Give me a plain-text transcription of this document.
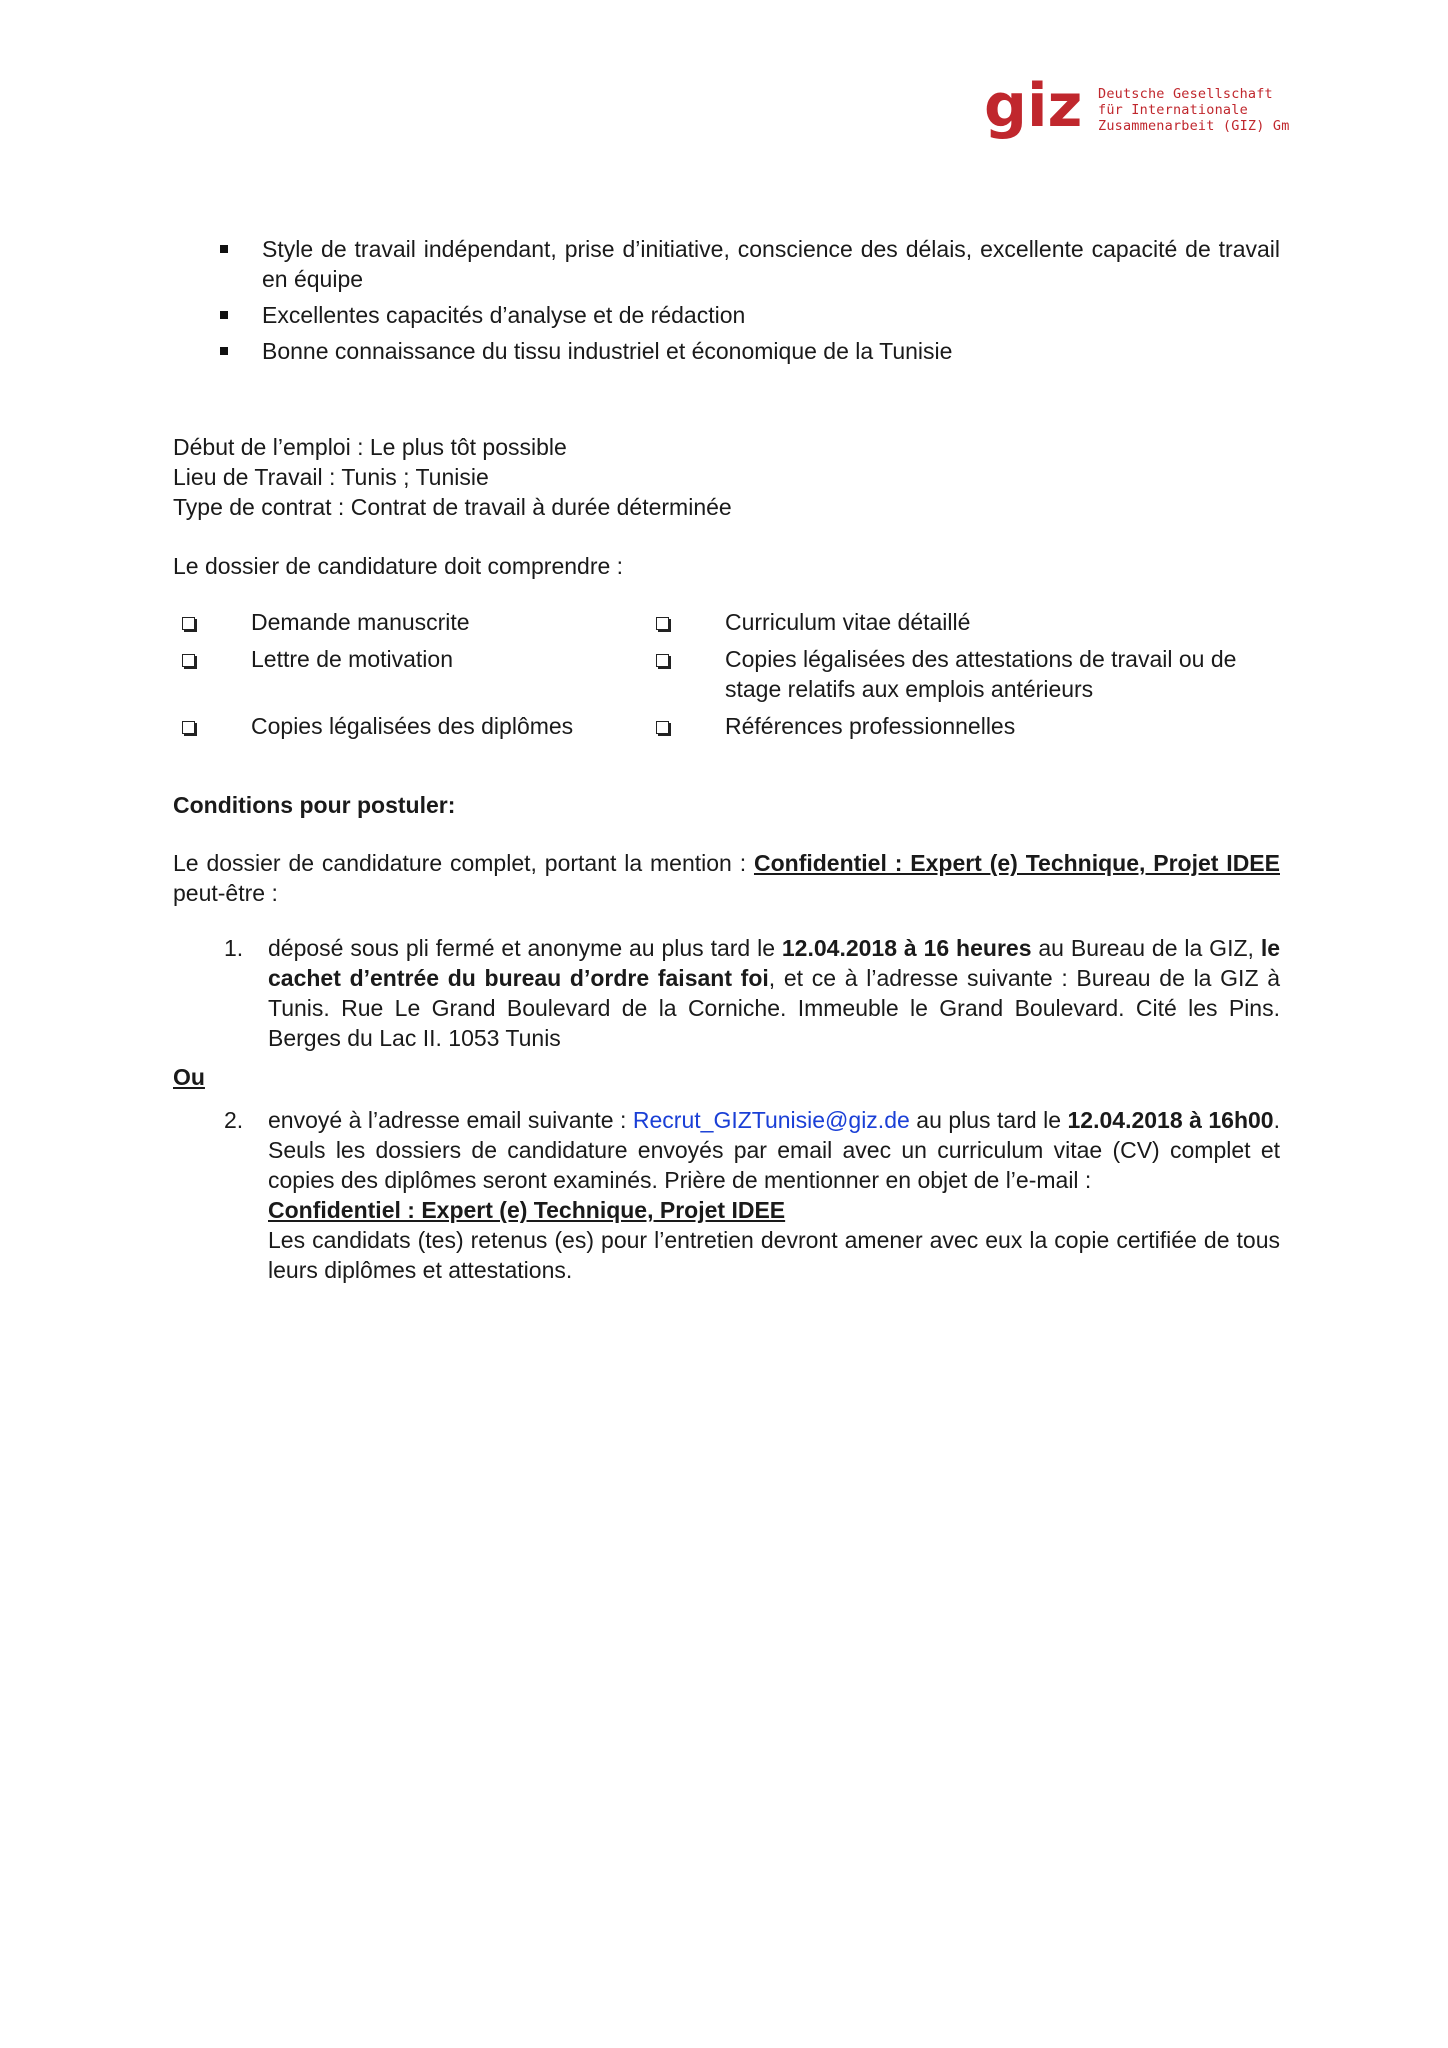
giz Deutsche Gesellschaft
für Internationale
Zusammenarbeit (GIZ) Gm
Style de travail indépendant, prise d’initiative, conscience des délais, excellente capacité de travail en équipe
Excellentes capacités d’analyse et de rédaction
Bonne connaissance du tissu industriel et économique de la Tunisie

Début de l’emploi : Le plus tôt possible

Lieu de Travail : Tunis ; Tunisie

Type de contrat : Contrat de travail à durée déterminée

Le dossier de candidature doit comprendre :

Demande manuscrite	Curriculum vitae détaillé
Lettre de motivation	Copies légalisées des attestations de travail ou de stage relatifs aux emplois antérieurs
Copies légalisées des diplômes	Références professionnelles

Conditions pour postuler:

Le dossier de candidature complet, portant la mention : Confidentiel : Expert (e) Technique, Projet IDEE peut-être :

1.	déposé sous pli fermé et anonyme au plus tard le 12.04.2018 à 16 heures au Bureau de la GIZ, le cachet d’entrée du bureau d’ordre faisant foi, et ce à l’adresse suivante : Bureau de la GIZ à Tunis. Rue Le Grand Boulevard de la Corniche. Immeuble le Grand Boulevard. Cité les Pins. Berges du Lac II. 1053 Tunis

Ou

2.	envoyé à l’adresse email suivante : Recrut_GIZTunisie@giz.de au plus tard le 12.04.2018 à 16h00. Seuls les dossiers de candidature envoyés par email avec un curriculum vitae (CV) complet et copies des diplômes seront examinés. Prière de mentionner en objet de l’e-mail :
Confidentiel : Expert (e) Technique, Projet IDEE
Les candidats (tes) retenus (es) pour l’entretien devront amener avec eux la copie certifiée de tous leurs diplômes et attestations.
